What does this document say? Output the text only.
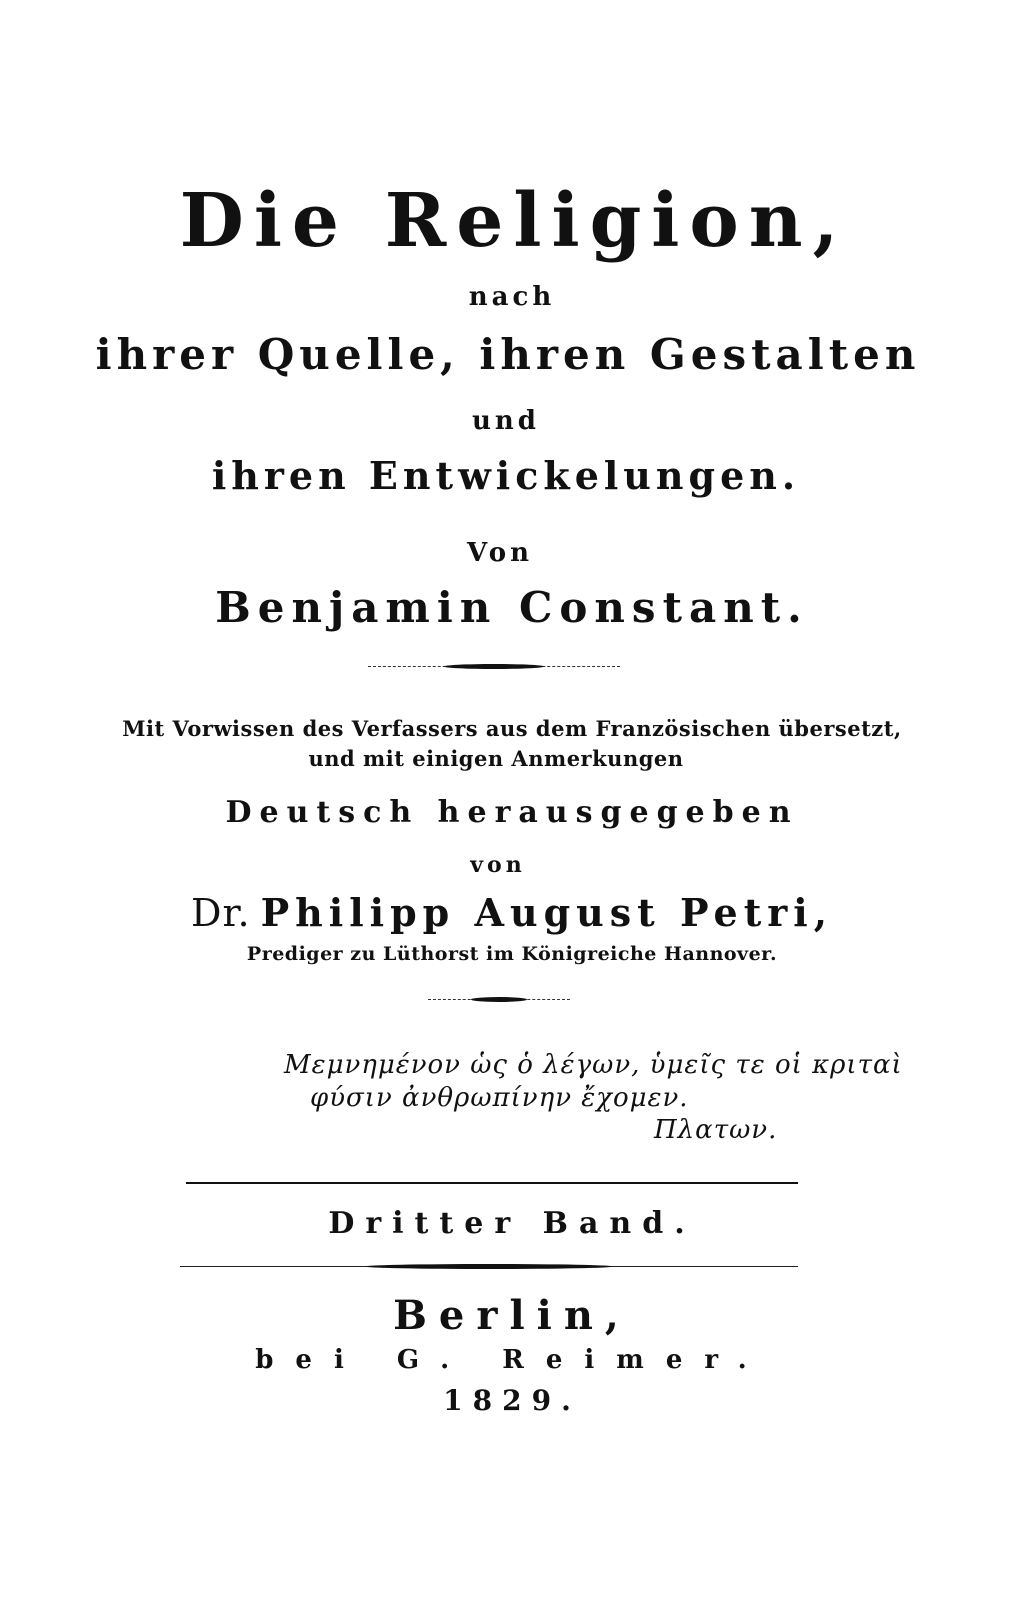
Die Religion,
nach
ihrer Quelle, ihren Gestalten
und
ihren Entwickelungen.
Von
Benjamin Constant.
Mit Vorwissen des Verfassers aus dem Französischen übersetzt,
und mit einigen Anmerkungen
Deutsch herausgegeben
von
Dr. Philipp August Petri,
Prediger zu Lüthorst im Königreiche Hannover.
Μεμνημένον ὡς ὁ λέγων, ὑμεῖς τε οἱ κριταὶ
φύσιν ἀνθρωπίνην ἔχομεν.
Πλατων.
Dritter Band.
Berlin,
bei G. Reimer.
1829.
